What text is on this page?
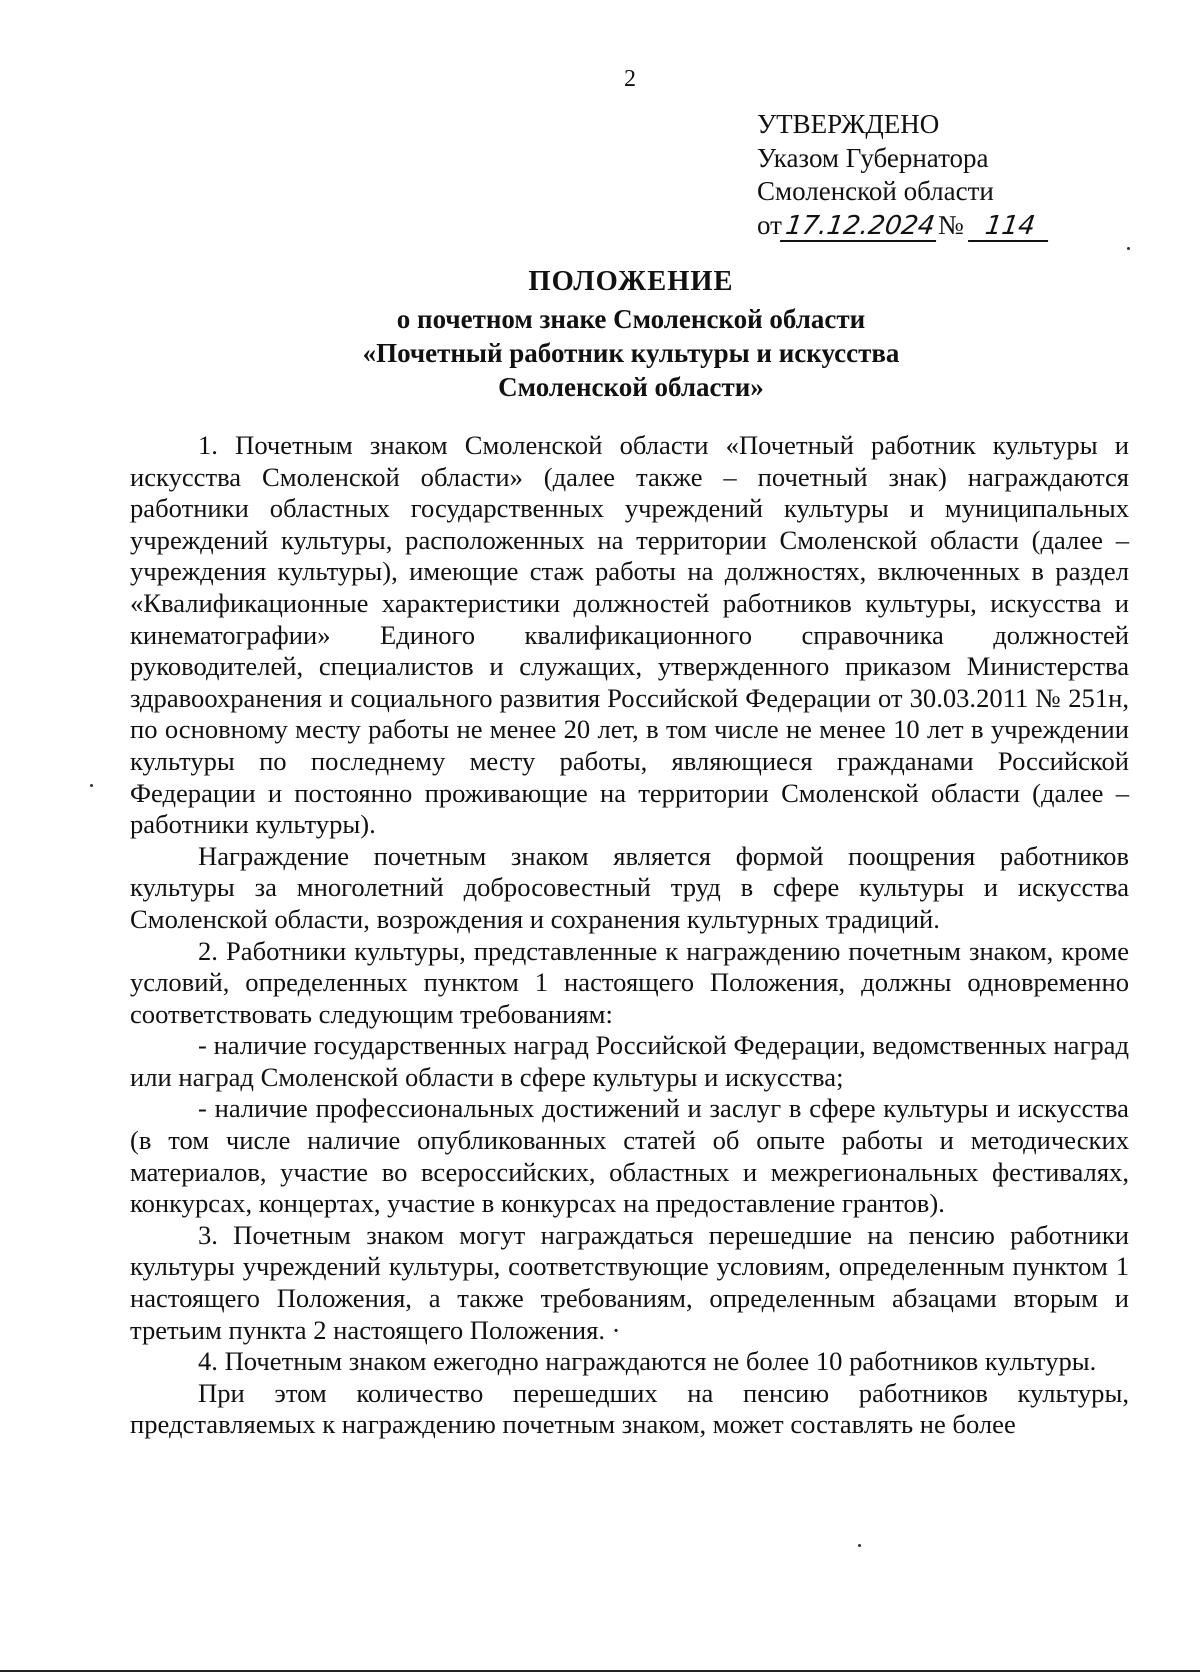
2
УТВЕРЖДЕНО
Указом Губернатора
Смоленской области
от17.12.2024№ 114
ПОЛОЖЕНИЕ
о почетном знаке Смоленской области
«Почетный работник культуры и искусства
Смоленской области»

1. Почетным знаком Смоленской области «Почетный работник культуры и искусства Смоленской области» (далее также – почетный знак) награждаются работники областных государственных учреждений культуры и муниципальных учреждений культуры, расположенных на территории Смоленской области (далее – учреждения культуры), имеющие стаж работы на должностях, включенных в раздел «Квалификационные характеристики должностей работников культуры, искусства и кинематографии» Единого квалификационного справочника должностей руководителей, специалистов и служащих, утвержденного приказом Министерства здравоохранения и социального развития Российской Федерации от 30.03.2011 № 251н, по основному месту работы не менее 20 лет, в том числе не менее 10 лет в учреждении культуры по последнему месту работы, являющиеся гражданами Российской Федерации и постоянно проживающие на территории Смоленской области (далее – работники культуры).

Награждение почетным знаком является формой поощрения работников культуры за многолетний добросовестный труд в сфере культуры и искусства Смоленской области, возрождения и сохранения культурных традиций.

2. Работники культуры, представленные к награждению почетным знаком, кроме условий, определенных пунктом 1 настоящего Положения, должны одновременно соответствовать следующим требованиям:

- наличие государственных наград Российской Федерации, ведомственных наград или наград Смоленской области в сфере культуры и искусства;

- наличие профессиональных достижений и заслуг в сфере культуры и искусства (в том числе наличие опубликованных статей об опыте работы и методических материалов, участие во всероссийских, областных и межрегиональных фестивалях, конкурсах, концертах, участие в конкурсах на предоставление грантов).

3. Почетным знаком могут награждаться перешедшие на пенсию работники культуры учреждений культуры, соответствующие условиям, определенным пунктом 1 настоящего Положения, а также требованиям, определенным абзацами вторым и третьим пункта 2 настоящего Положения. ·

4. Почетным знаком ежегодно награждаются не более 10 работников культуры.

При этом количество перешедших на пенсию работников культуры, представляемых к награждению почетным знаком, может составлять не более
